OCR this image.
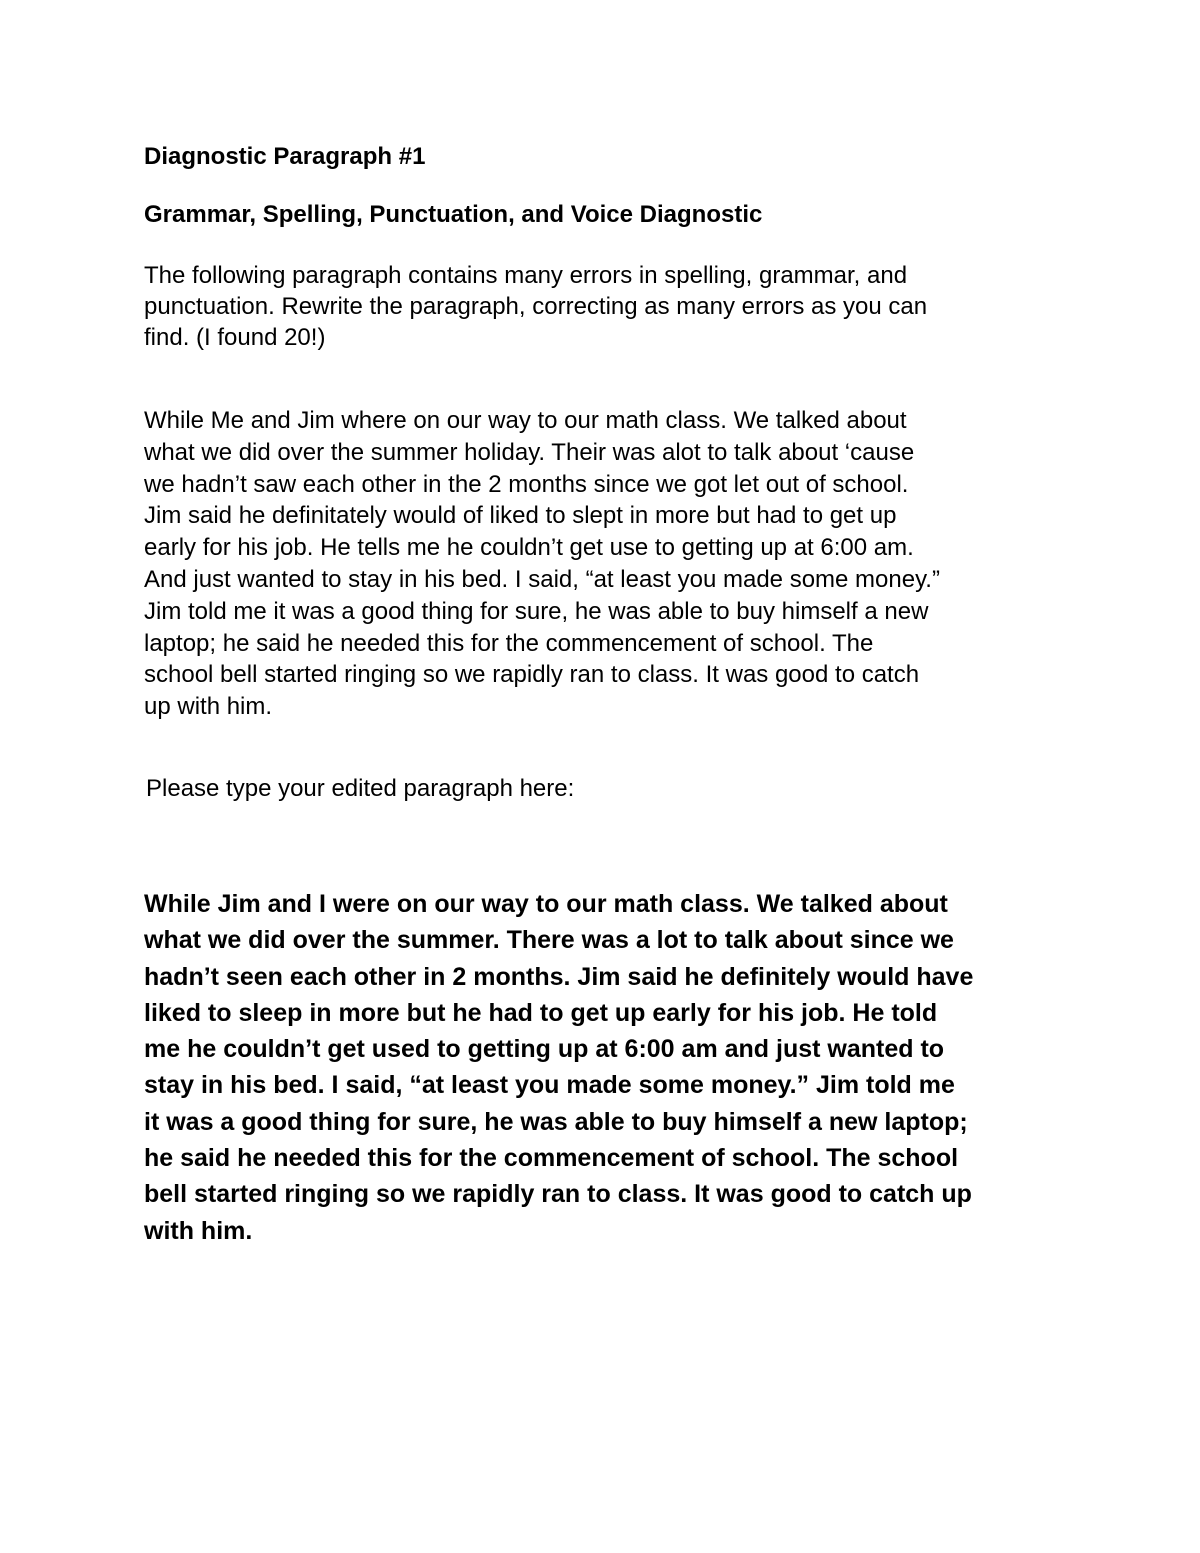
Diagnostic Paragraph #1
Grammar, Spelling, Punctuation, and Voice Diagnostic

The following paragraph contains many errors in spelling, grammar, and
punctuation. Rewrite the paragraph, correcting as many errors as you can
find. (I found 20!)

While Me and Jim where on our way to our math class. We talked about
what we did over the summer holiday. Their was alot to talk about ‘cause
we hadn’t saw each other in the 2 months since we got let out of school.
Jim said he definitately would of liked to slept in more but had to get up
early for his job. He tells me he couldn’t get use to getting up at 6:00 am.
And just wanted to stay in his bed. I said, “at least you made some money.”
Jim told me it was a good thing for sure, he was able to buy himself a new
laptop; he said he needed this for the commencement of school. The
school bell started ringing so we rapidly ran to class. It was good to catch
up with him.

Please type your edited paragraph here:

While Jim and I were on our way to our math class. We talked about
what we did over the summer. There was a lot to talk about since we
hadn’t seen each other in 2 months. Jim said he definitely would have
liked to sleep in more but he had to get up early for his job. He told
me he couldn’t get used to getting up at 6:00 am and just wanted to
stay in his bed. I said, “at least you made some money.” Jim told me
it was a good thing for sure, he was able to buy himself a new laptop;
he said he needed this for the commencement of school. The school
bell started ringing so we rapidly ran to class. It was good to catch up
with him.
